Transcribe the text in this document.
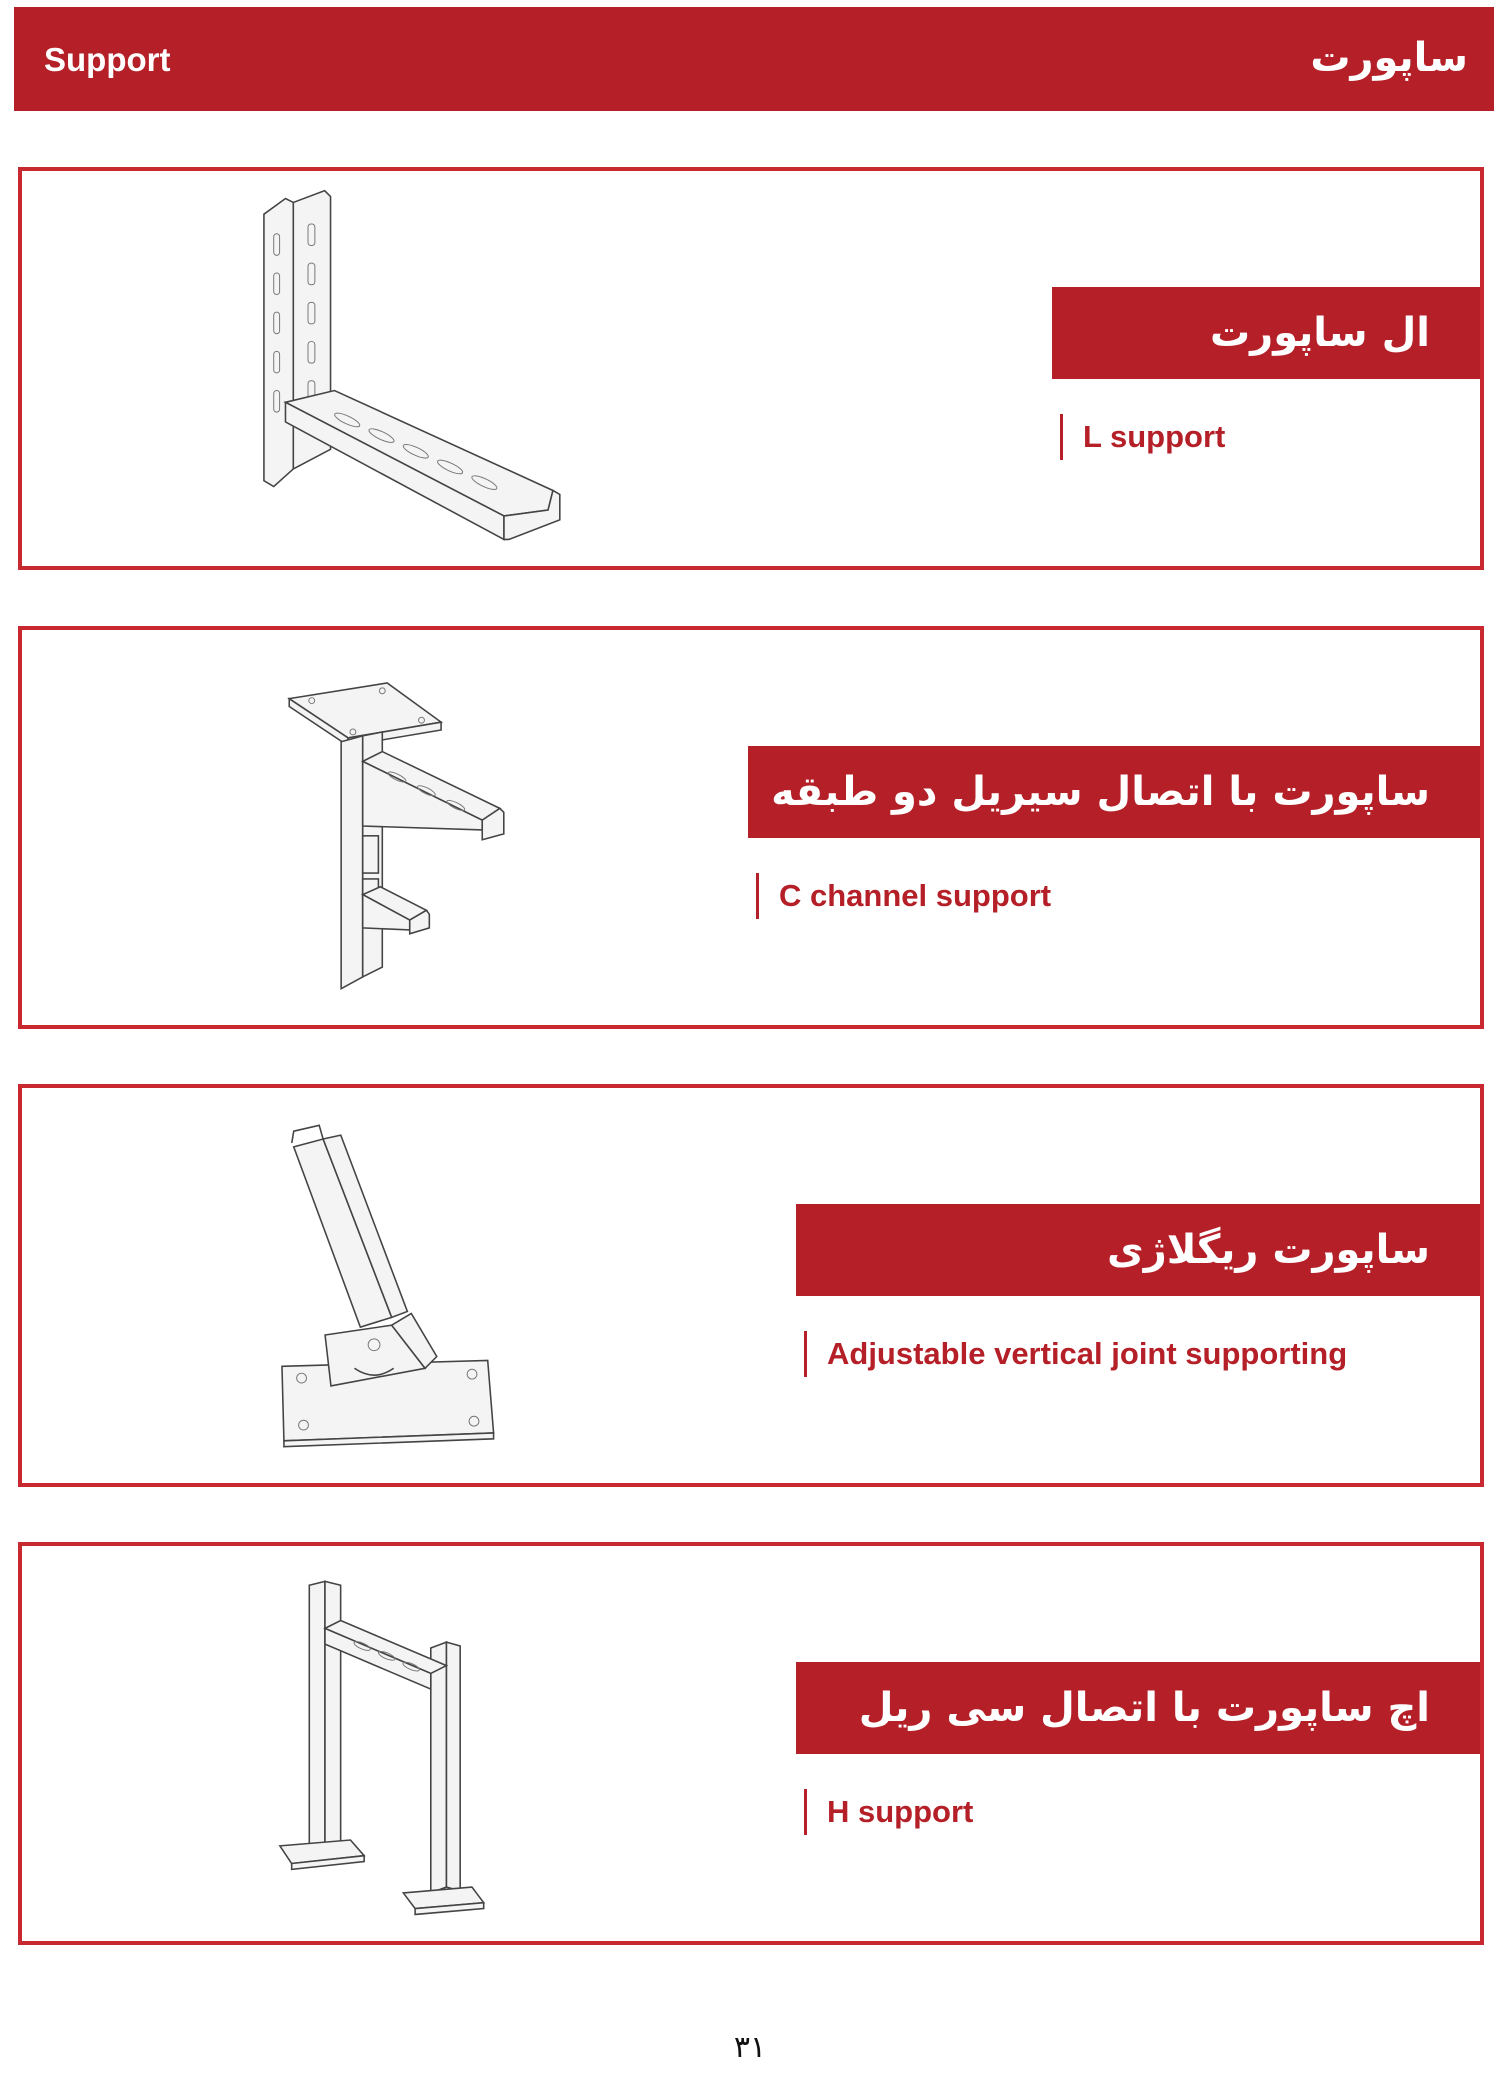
Support	ساپورت
ال ساپورت
L support
ساپورت با اتصال سیریل دو طبقه
C channel support
ساپورت ریگلاژی
Adjustable vertical joint supporting
اچ ساپورت با اتصال سی ریل
H support
۳۱
